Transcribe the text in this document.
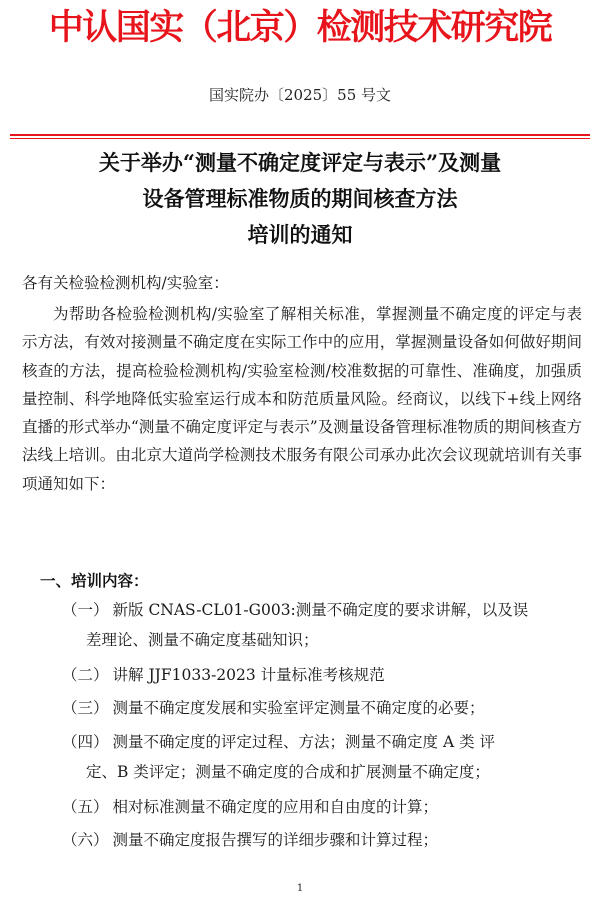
中认国实（北京）检测技术研究院
国实院办〔2025〕55 号文
关于举办“测量不确定度评定与表示”及测量
设备管理标准物质的期间核查方法
培训的通知
各有关检验检测机构/实验室：
为帮助各检验检测机构/实验室了解相关标准，掌握测量不确定度的评定与表示方法，有效对接测量不确定度在实际工作中的应用，掌握测量设备如何做好期间核查的方法，提高检验检测机构/实验室检测/校准数据的可靠性、准确度，加强质量控制、科学地降低实验室运行成本和防范质量风险。经商议，以线下+线上网络直播的形式举办“测量不确定度评定与表示”及测量设备管理标准物质的期间核查方法线上培训。由北京大道尚学检测技术服务有限公司承办此次会议现就培训有关事项通知如下：
一、培训内容：
（一） 新版 CNAS-CL01-G003:测量不确定度的要求讲解，以及误
差理论、测量不确定度基础知识；
（二） 讲解 JJF1033-2023 计量标准考核规范
（三） 测量不确定度发展和实验室评定测量不确定度的必要；
（四） 测量不确定度的评定过程、方法；测量不确定度 A 类 评
定、B 类评定；测量不确定度的合成和扩展测量不确定度；
（五） 相对标准测量不确定度的应用和自由度的计算；
（六） 测量不确定度报告撰写的详细步骤和计算过程；
1
